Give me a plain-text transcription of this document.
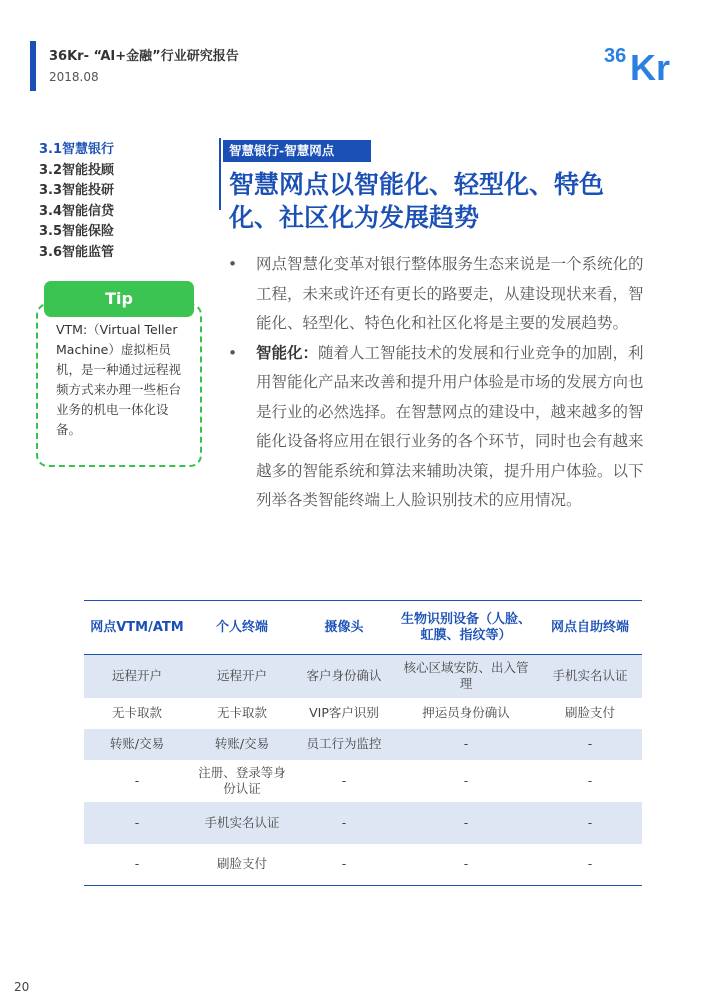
36Kr- “AI+金融”行业研究报告
2018.08
36 Kr
3.1智慧银行
3.2智能投顾
3.3智能投研
3.4智能信贷
3.5智能保险
3.6智能监管
Tip
VTM:（Virtual Teller Machine）虚拟柜员机，是一种通过远程视频方式来办理一些柜台业务的机电一体化设备。
智慧银行-智慧网点
智慧网点以智能化、轻型化、特色化、社区化为发展趋势
• 网点智慧化变革对银行整体服务生态来说是一个系统化的工程，未来或许还有更长的路要走，从建设现状来看，智能化、轻型化、特色化和社区化将是主要的发展趋势。
• 智能化：随着人工智能技术的发展和行业竞争的加剧，利用智能化产品来改善和提升用户体验是市场的发展方向也是行业的必然选择。在智慧网点的建设中，越来越多的智能化设备将应用在银行业务的各个环节，同时也会有越来越多的智能系统和算法来辅助决策，提升用户体验。以下列举各类智能终端上人脸识别技术的应用情况。
网点VTM/ATM	个人终端	摄像头	生物识别设备（人脸、虹膜、指纹等）	网点自助终端
远程开户	远程开户	客户身份确认	核心区域安防、出入管理	手机实名认证
无卡取款	无卡取款	VIP客户识别	押运员身份确认	刷脸支付
转账/交易	转账/交易	员工行为监控	-	-
-	注册、登录等身份认证	-	-	-
-	手机实名认证	-	-	-
-	刷脸支付	-	-	-
20
